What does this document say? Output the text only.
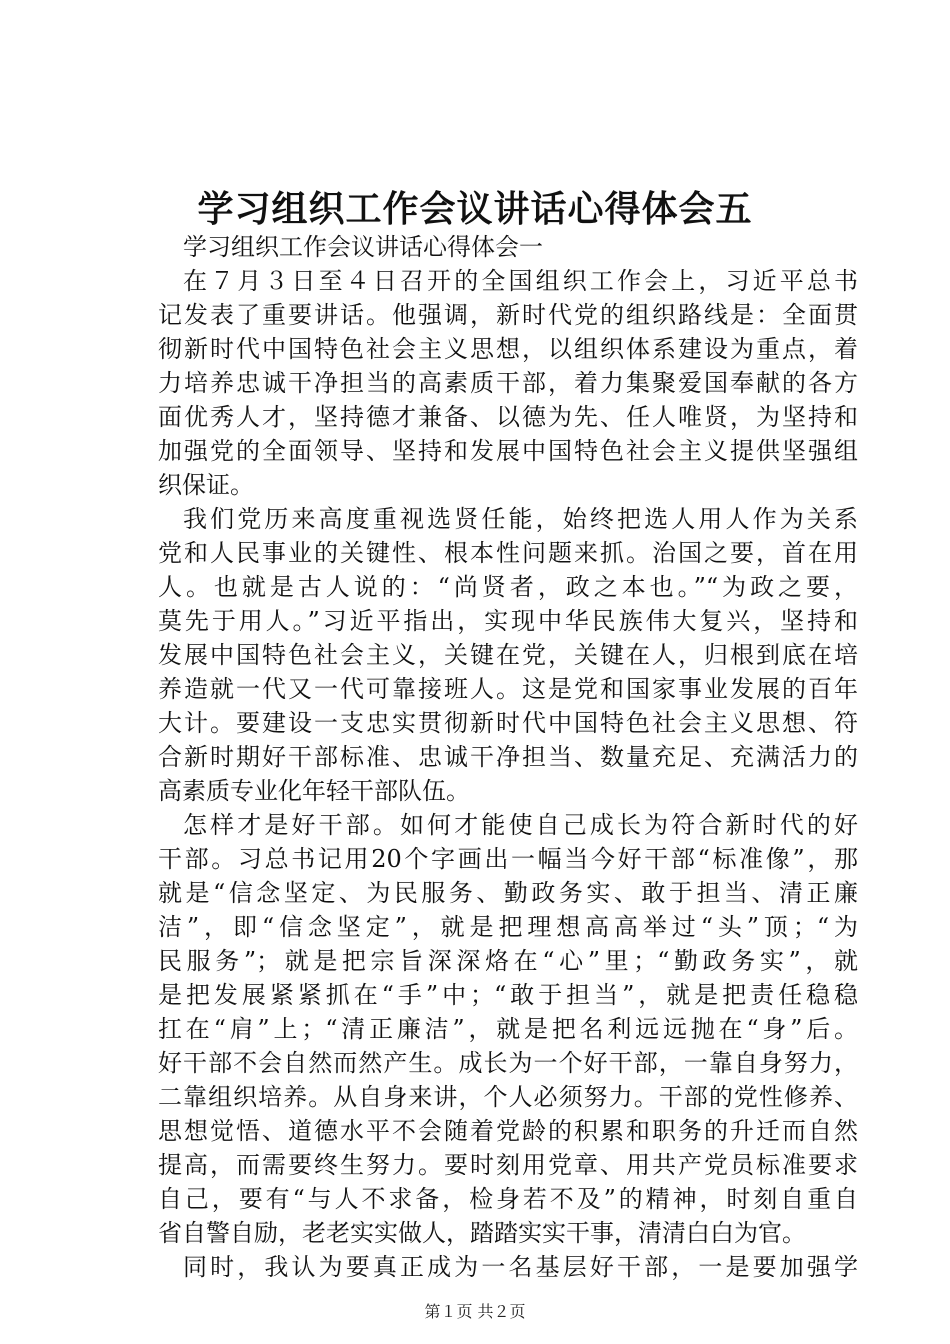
学习组织工作会议讲话心得体会五
学习组织工作会议讲话心得体会一
在７月３日至４日召开的全国组织工作会上，习近平总书
记发表了重要讲话。他强调，新时代党的组织路线是：全面贯
彻新时代中国特色社会主义思想，以组织体系建设为重点，着
力培养忠诚干净担当的高素质干部，着力集聚爱国奉献的各方
面优秀人才，坚持德才兼备、以德为先、任人唯贤，为坚持和
加强党的全面领导、坚持和发展中国特色社会主义提供坚强组
织保证。
我们党历来高度重视选贤任能，始终把选人用人作为关系
党和人民事业的关键性、根本性问题来抓。治国之要，首在用
人。也就是古人说的：“尚贤者，政之本也。”“为政之要，
莫先于用人。”习近平指出，实现中华民族伟大复兴，坚持和
发展中国特色社会主义，关键在党，关键在人，归根到底在培
养造就一代又一代可靠接班人。这是党和国家事业发展的百年
大计。要建设一支忠实贯彻新时代中国特色社会主义思想、符
合新时期好干部标准、忠诚干净担当、数量充足、充满活力的
高素质专业化年轻干部队伍。
怎样才是好干部。如何才能使自己成长为符合新时代的好
干部。习总书记用20个字画出一幅当今好干部“标准像”，那
就是“信念坚定、为民服务、勤政务实、敢于担当、清正廉
洁”，即“信念坚定”，就是把理想高高举过“头”顶；“为
民服务”；就是把宗旨深深烙在“心”里；“勤政务实”，就
是把发展紧紧抓在“手”中；“敢于担当”，就是把责任稳稳
扛在“肩”上；“清正廉洁”，就是把名利远远抛在“身”后。
好干部不会自然而然产生。成长为一个好干部，一靠自身努力，
二靠组织培养。从自身来讲，个人必须努力。干部的党性修养、
思想觉悟、道德水平不会随着党龄的积累和职务的升迁而自然
提高，而需要终生努力。要时刻用党章、用共产党员标准要求
自己，要有“与人不求备，检身若不及”的精神，时刻自重自
省自警自励，老老实实做人，踏踏实实干事，清清白白为官。
同时，我认为要真正成为一名基层好干部，一是要加强学
第１页 共２页
